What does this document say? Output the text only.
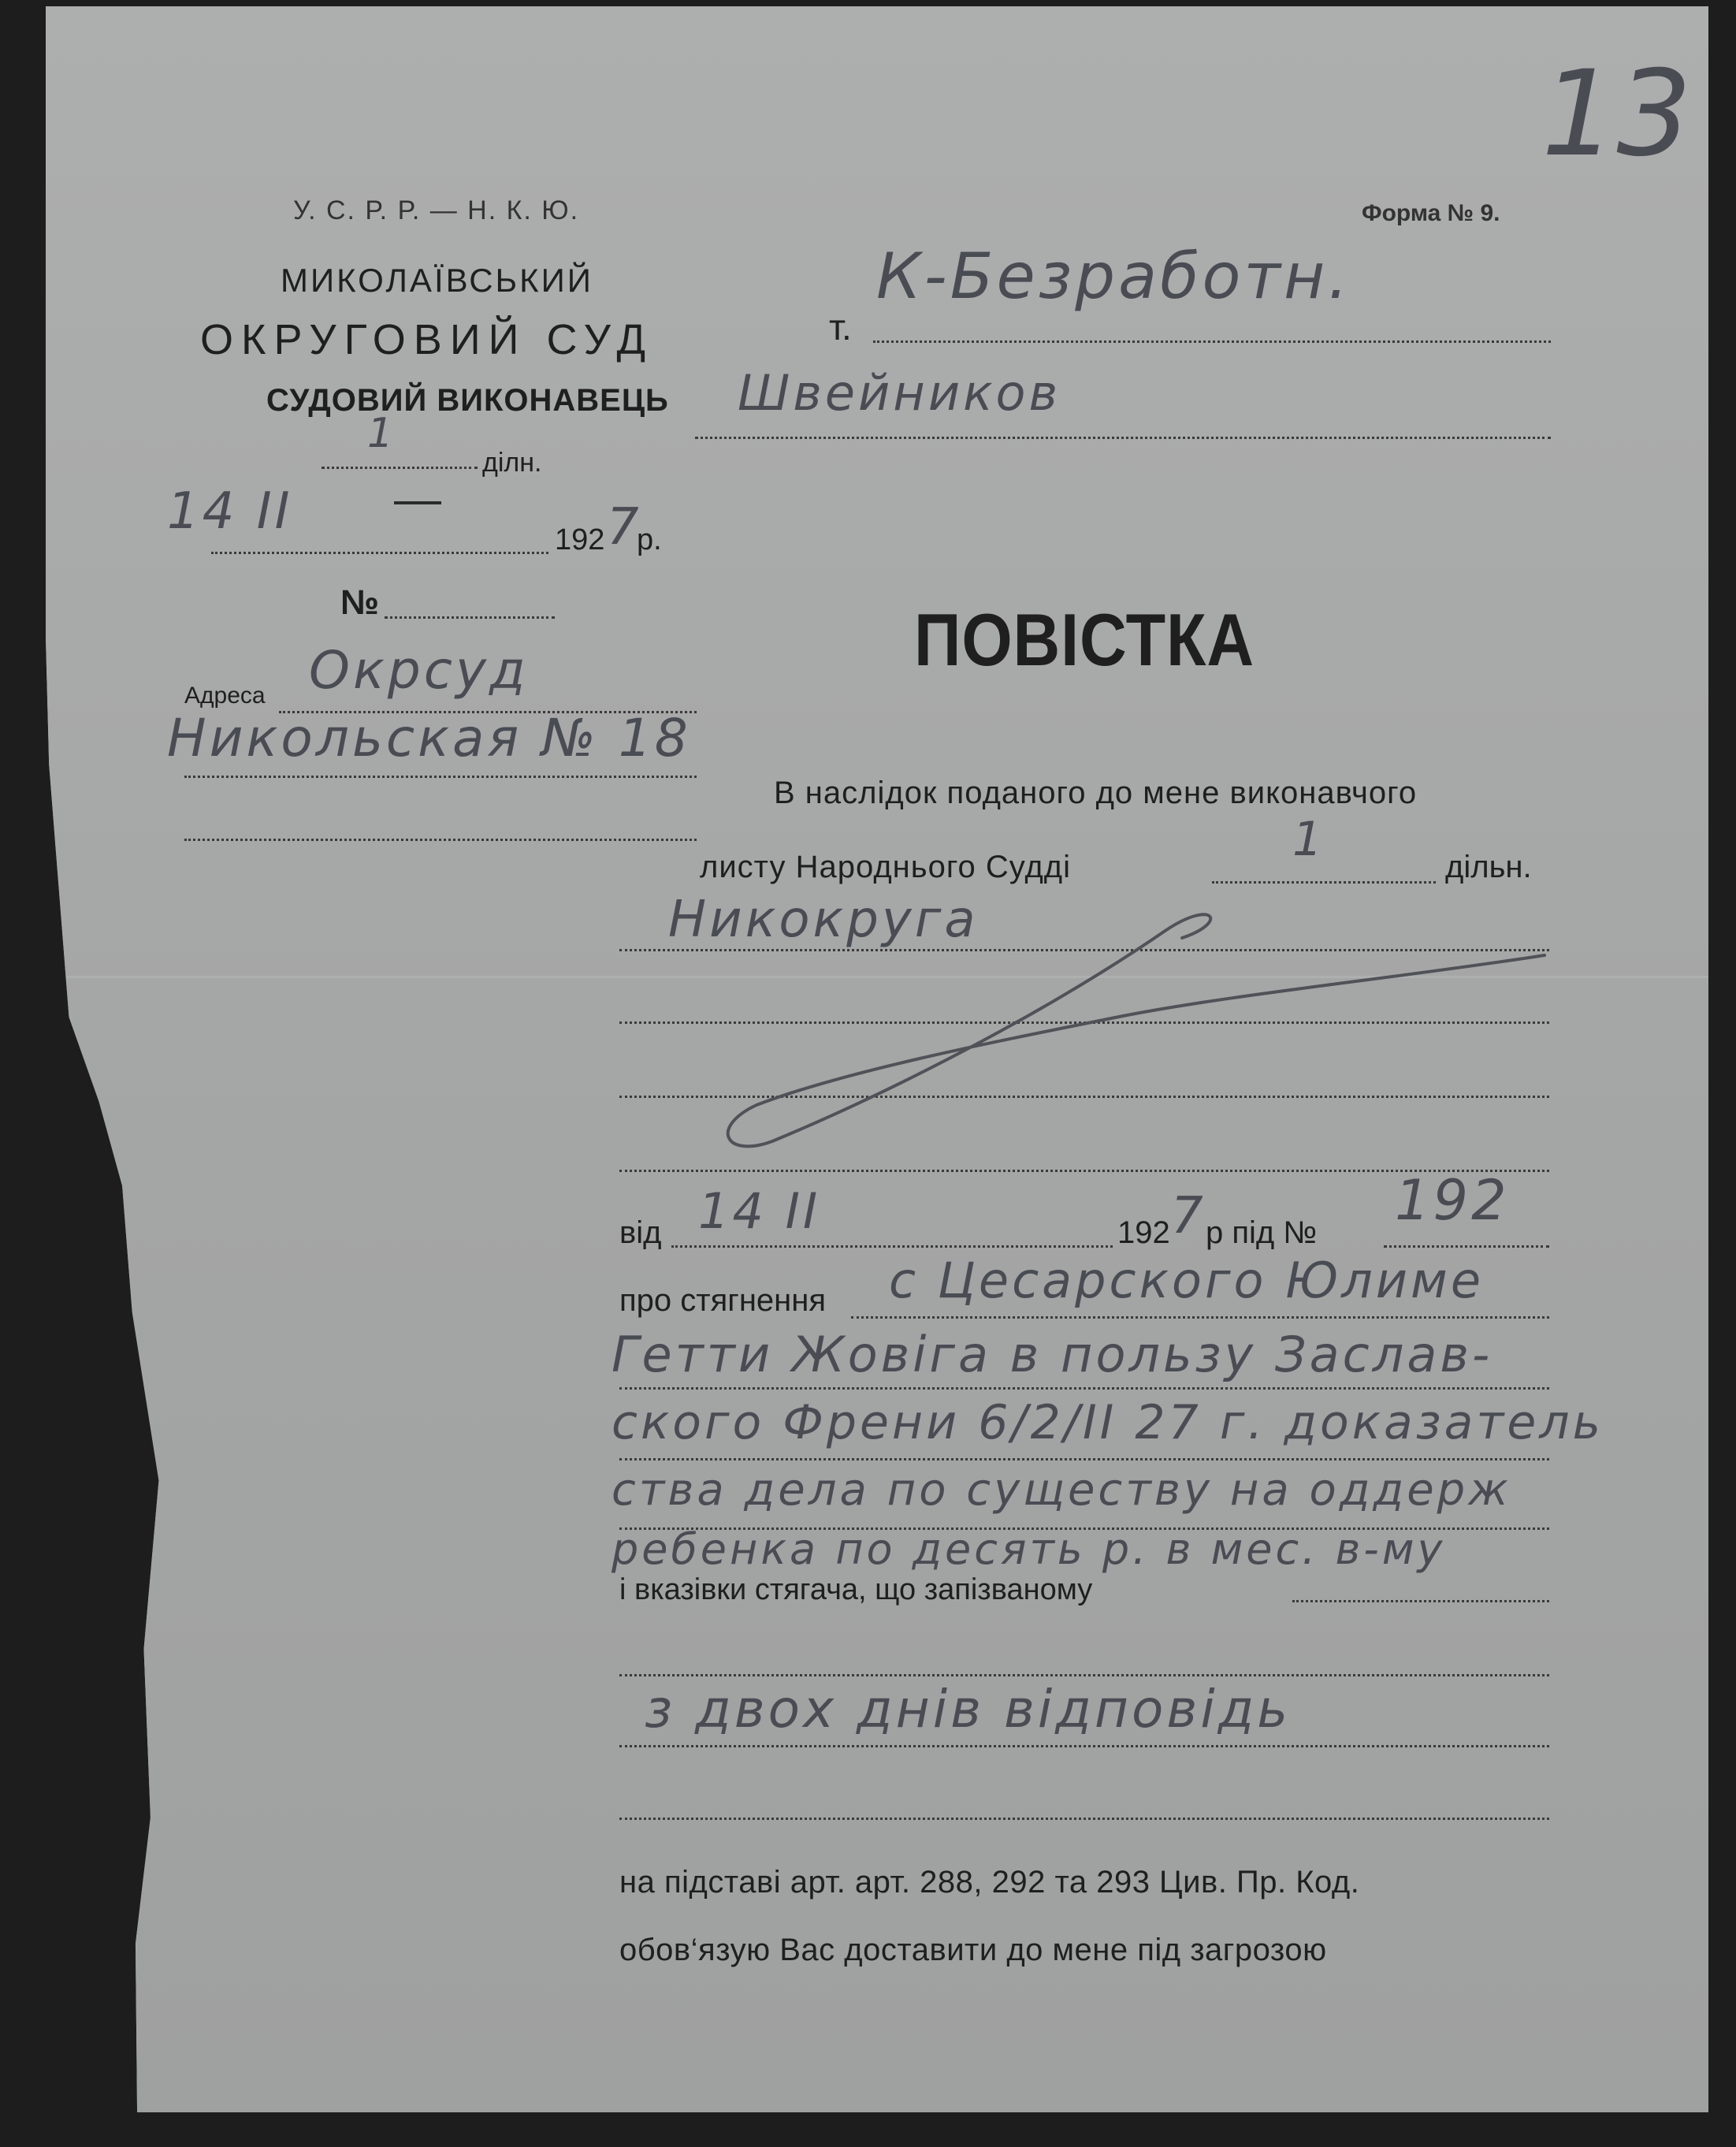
У. С. Р. Р. — Н. К. Ю.
МИКОЛАЇВСЬКИЙ
ОКРУГОВИЙ СУД
СУДОВИЙ ВИКОНАВЕЦЬ
1
ділн.
14 II	192 7
р.
№
Адреса Окрсуд
Никольская № 18
13
Форма № 9.
т.
К-Безработн.
Швейников
ПОВІСТКА
В наслідок поданого до мене виконавчого
листу Народнього Судді	1	дільн.
Никокруга
від 14 II	192 7 р під № 192
про стягнення с Цесарского Юлиме
Гетти Жовіга в пользу Заслав-
ского Френи 6/2/II 27 г. доказатель
ства дела по существу на оддерж
ребенка по десять р. в мес. в-му
і вказівки стягача, що запізваному
з двох днів відповідь
на підставі арт. арт. 288, 292 та 293 Цив. Пр. Код.
обов‘язую Вас доставити до мене під загрозою
